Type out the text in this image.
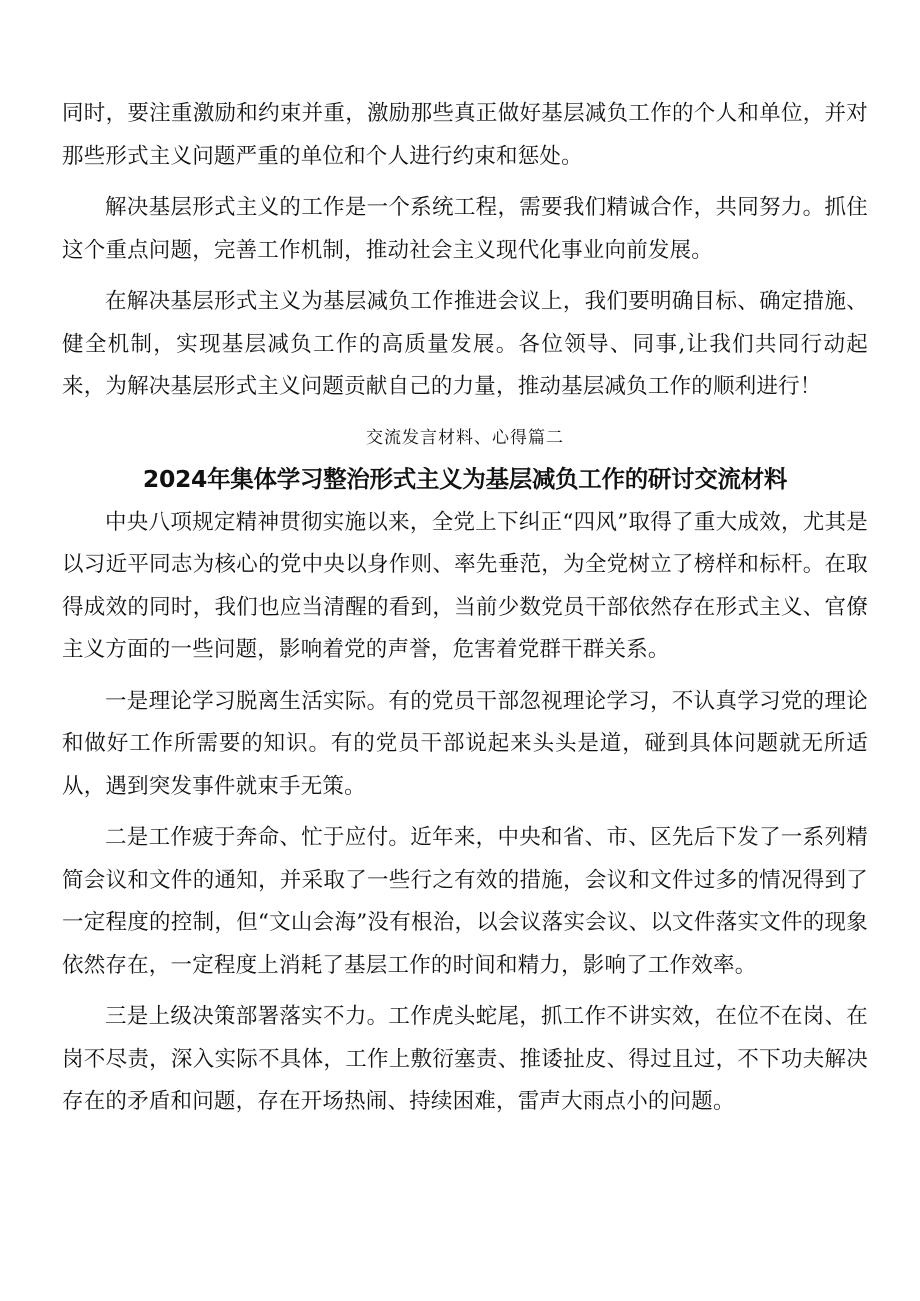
同时，要注重激励和约束并重，激励那些真正做好基层减负工作的个人和单位，并对那些形式主义问题严重的单位和个人进行约束和惩处。

解决基层形式主义的工作是一个系统工程，需要我们精诚合作，共同努力。抓住这个重点问题，完善工作机制，推动社会主义现代化事业向前发展。

在解决基层形式主义为基层减负工作推进会议上，我们要明确目标、确定措施、健全机制，实现基层减负工作的高质量发展。各位领导、同事,让我们共同行动起来，为解决基层形式主义问题贡献自己的力量，推动基层减负工作的顺利进行！

交流发言材料、心得篇二
2024年集体学习整治形式主义为基层减负工作的研讨交流材料

中央八项规定精神贯彻实施以来，全党上下纠正“四风”取得了重大成效，尤其是以习近平同志为核心的党中央以身作则、率先垂范，为全党树立了榜样和标杆。在取得成效的同时，我们也应当清醒的看到，当前少数党员干部依然存在形式主义、官僚主义方面的一些问题，影响着党的声誉，危害着党群干群关系。

一是理论学习脱离生活实际。有的党员干部忽视理论学习，不认真学习党的理论和做好工作所需要的知识。有的党员干部说起来头头是道，碰到具体问题就无所适从，遇到突发事件就束手无策。

二是工作疲于奔命、忙于应付。近年来，中央和省、市、区先后下发了一系列精简会议和文件的通知，并采取了一些行之有效的措施，会议和文件过多的情况得到了一定程度的控制，但“文山会海”没有根治，以会议落实会议、以文件落实文件的现象依然存在，一定程度上消耗了基层工作的时间和精力，影响了工作效率。

三是上级决策部署落实不力。工作虎头蛇尾，抓工作不讲实效，在位不在岗、在岗不尽责，深入实际不具体，工作上敷衍塞责、推诿扯皮、得过且过，不下功夫解决存在的矛盾和问题，存在开场热闹、持续困难，雷声大雨点小的问题。
